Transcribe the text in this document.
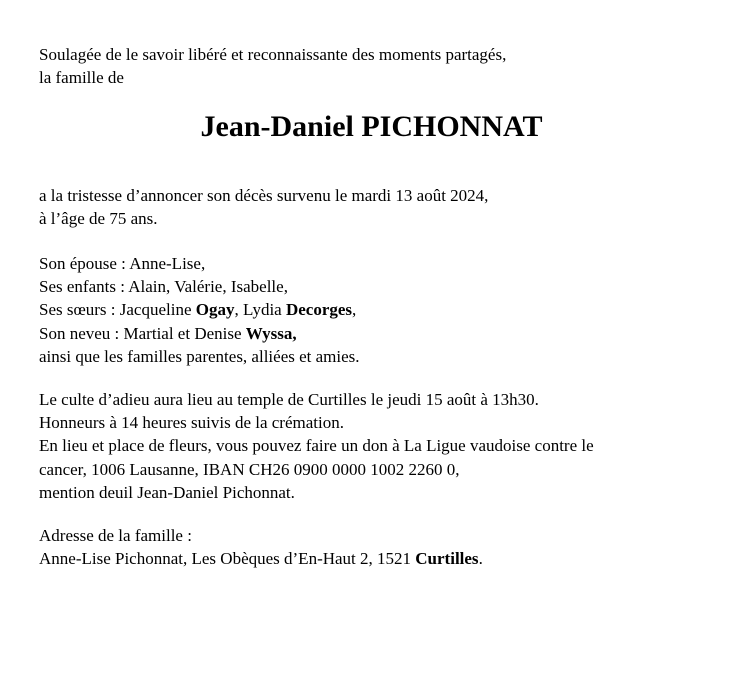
Soulagée de le savoir libéré et reconnaissante des moments partagés,
la famille de

Jean-Daniel PICHONNAT

a la tristesse d’annoncer son décès survenu le mardi 13 août 2024,
à l’âge de 75 ans.

Son épouse : Anne-Lise,
Ses enfants : Alain, Valérie, Isabelle,
Ses sœurs : Jacqueline Ogay, Lydia Decorges,
Son neveu : Martial et Denise Wyssa,
ainsi que les familles parentes, alliées et amies.

Le culte d’adieu aura lieu au temple de Curtilles le jeudi 15 août à 13h30.
Honneurs à 14 heures suivis de la crémation.
En lieu et place de fleurs, vous pouvez faire un don à La Ligue vaudoise contre le
cancer, 1006 Lausanne, IBAN CH26 0900 0000 1002 2260 0,
mention deuil Jean-Daniel Pichonnat.

Adresse de la famille :
Anne-Lise Pichonnat, Les Obèques d’En-Haut 2, 1521 Curtilles.
